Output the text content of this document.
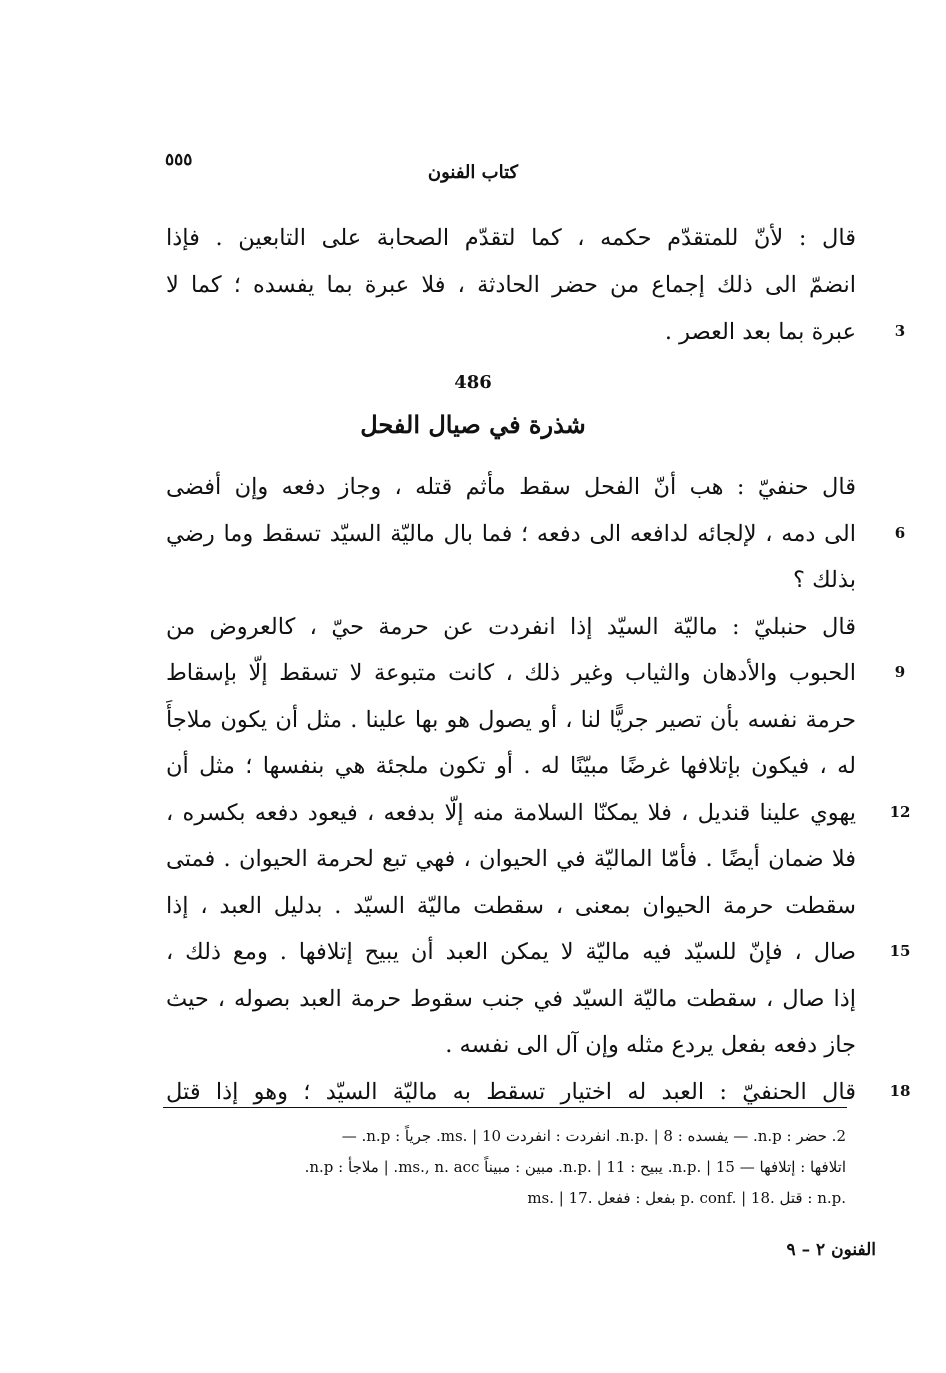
٥٥٥
كتاب الفنون
قال : لأنّ للمتقدّم حكمه ، كما لتقدّم الصحابة على التابعين . فإذا
انضمّ الى ذلك إجماع من حضر الحادثة ، فلا عبرة بما يفسده ؛ كما لا
عبرة بما بعد العصر .	3
486
شذرة في صيال الفحل
قال حنفيّ : هب أنّ الفحل سقط مأثم قتله ، وجاز دفعه وإن أفضى
الى دمه ، لإلجائه لدافعه الى دفعه ؛ فما بال ماليّة السيّد تسقط وما رضي	6
بذلك ؟
قال حنبليّ : ماليّة السيّد إذا انفردت عن حرمة حيّ ، كالعروض من
الحبوب والأدهان والثياب وغير ذلك ، كانت متبوعة لا تسقط إلّا بإسقاط	9
حرمة نفسه بأن تصير جريًّا لنا ، أو يصول هو بها علينا . مثل أن يكون ملاجأً
له ، فيكون بإتلافها غرضًا مبيّنًا له . أو تكون ملجئة هي بنفسها ؛ مثل أن
يهوي علينا قنديل ، فلا يمكنّا السلامة منه إلّا بدفعه ، فيعود دفعه بكسره ،	12
فلا ضمان أيضًا . فأمّا الماليّة في الحيوان ، فهي تبع لحرمة الحيوان . فمتى
سقطت حرمة الحيوان بمعنى ، سقطت ماليّة السيّد . بدليل العبد ، إذا
صال ، فإنّ للسيّد فيه ماليّة لا يمكن العبد أن يبيح إتلافها . ومع ذلك ،	15
إذا صال ، سقطت ماليّة السيّد في جنب سقوط حرمة العبد بصوله ، حيث
جاز دفعه بفعل يردع مثله وإن آل الى نفسه .
قال الحنفيّ : العبد له اختيار تسقط به ماليّة السيّد ؛ وهو إذا قتل	18
2. حضر : n.p. — يفسده : n.p. | 8. انفردت : انفردت ms. | 10. جرياً : n.p. —
اتلافها : إتلافها — n.p. | 15. يبيح : n.p. | 11. مبين : مبيناً ms., n. acc. | ملاجأ : n.p.
ms. | 17. بفعل : ففعل p. conf. | 18. قتل : n.p.
الفنون ٢ – ٩
